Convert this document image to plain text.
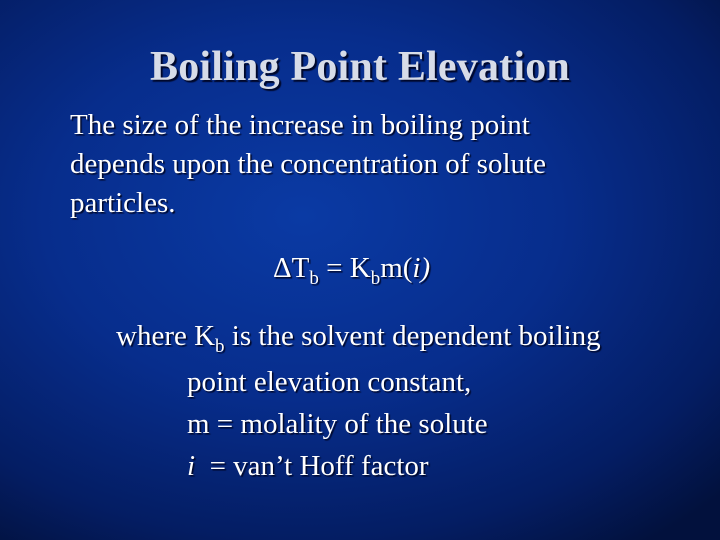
Boiling Point Elevation
The size of the increase in boiling point
depends upon the concentration of solute
particles.
$\Delta T_b = K_bm(i)$
where $K_b$ is the solvent dependent boiling
point elevation constant,
m = molality of the solute
i  = van’t Hoff factor
